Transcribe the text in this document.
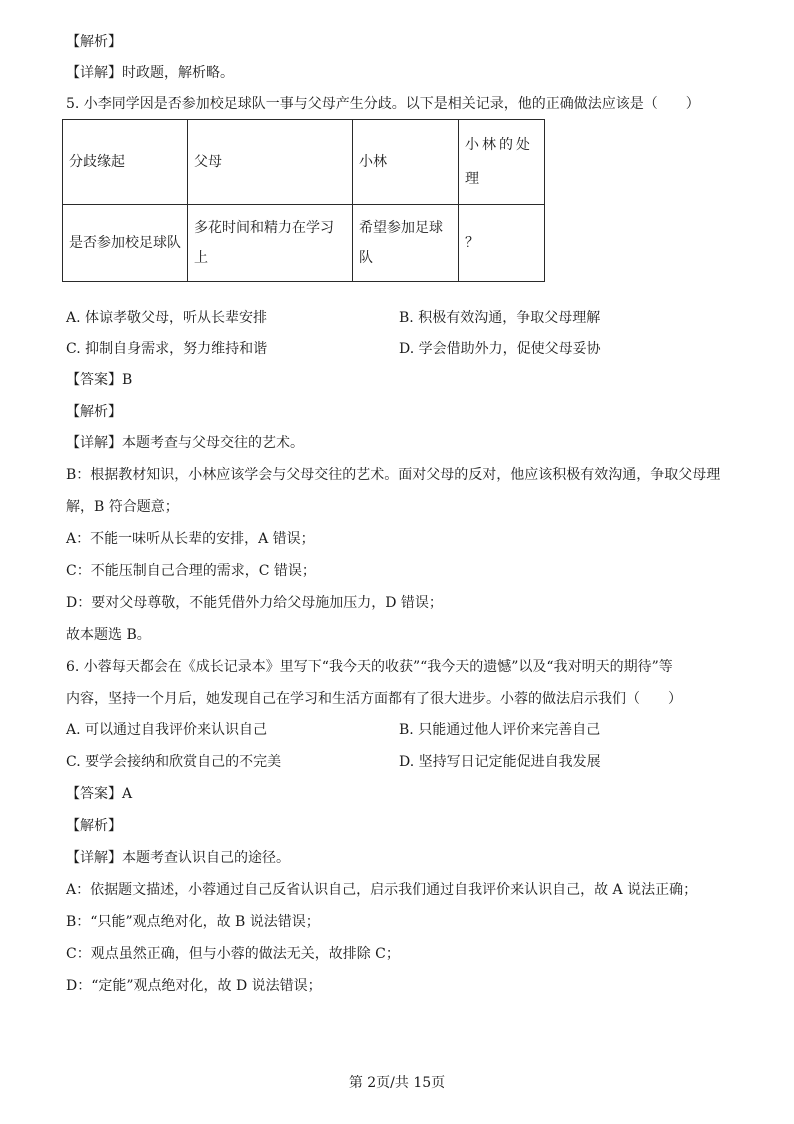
【解析】
【详解】时政题，解析略。
5. 小李同学因是否参加校足球队一事与父母产生分歧。以下是相关记录，他的正确做法应该是（　　）
分歧缘起	父母	小林	小林的处理
是否参加校足球队	多花时间和精力在学习上	希望参加足球队	？
A. 体谅孝敬父母，听从长辈安排	B. 积极有效沟通，争取父母理解
C. 抑制自身需求，努力维持和谐	D. 学会借助外力，促使父母妥协
【答案】B
【解析】
【详解】本题考查与父母交往的艺术。
B：根据教材知识，小林应该学会与父母交往的艺术。面对父母的反对，他应该积极有效沟通，争取父母理
解，B 符合题意；
A：不能一味听从长辈的安排，A 错误；
C：不能压制自己合理的需求，C 错误；
D：要对父母尊敬，不能凭借外力给父母施加压力，D 错误；
故本题选 B。
6. 小蓉每天都会在《成长记录本》里写下“我今天的收获”“我今天的遗憾”以及“我对明天的期待”等
内容，坚持一个月后，她发现自己在学习和生活方面都有了很大进步。小蓉的做法启示我们（　　）
A. 可以通过自我评价来认识自己	B. 只能通过他人评价来完善自己
C. 要学会接纳和欣赏自己的不完美	D. 坚持写日记定能促进自我发展
【答案】A
【解析】
【详解】本题考查认识自己的途径。
A：依据题文描述，小蓉通过自己反省认识自己，启示我们通过自我评价来认识自己，故 A 说法正确；
B：“只能”观点绝对化，故 B 说法错误；
C：观点虽然正确，但与小蓉的做法无关，故排除 C；
D：“定能”观点绝对化，故 D 说法错误；
第 2页/共 15页
